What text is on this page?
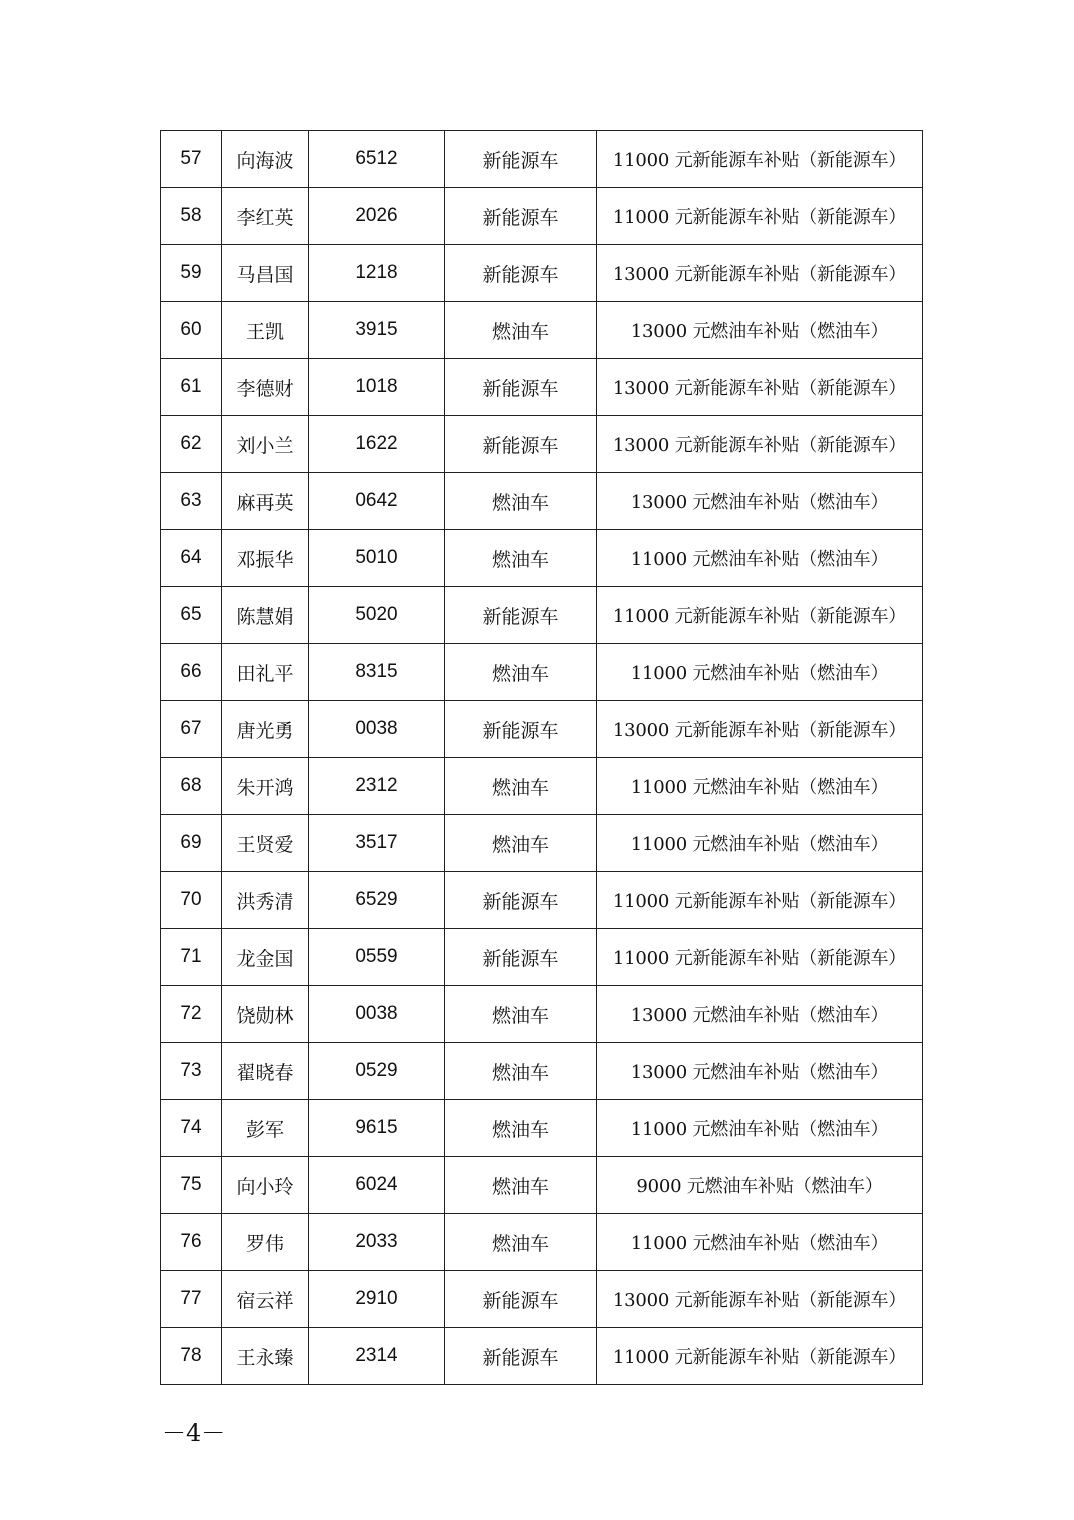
57	向海波	6512	新能源车	11000 元新能源车补贴（新能源车）
58	李红英	2026	新能源车	11000 元新能源车补贴（新能源车）
59	马昌国	1218	新能源车	13000 元新能源车补贴（新能源车）
60	王凯	3915	燃油车	13000 元燃油车补贴（燃油车）
61	李德财	1018	新能源车	13000 元新能源车补贴（新能源车）
62	刘小兰	1622	新能源车	13000 元新能源车补贴（新能源车）
63	麻再英	0642	燃油车	13000 元燃油车补贴（燃油车）
64	邓振华	5010	燃油车	11000 元燃油车补贴（燃油车）
65	陈慧娟	5020	新能源车	11000 元新能源车补贴（新能源车）
66	田礼平	8315	燃油车	11000 元燃油车补贴（燃油车）
67	唐光勇	0038	新能源车	13000 元新能源车补贴（新能源车）
68	朱开鸿	2312	燃油车	11000 元燃油车补贴（燃油车）
69	王贤爱	3517	燃油车	11000 元燃油车补贴（燃油车）
70	洪秀清	6529	新能源车	11000 元新能源车补贴（新能源车）
71	龙金国	0559	新能源车	11000 元新能源车补贴（新能源车）
72	饶勋林	0038	燃油车	13000 元燃油车补贴（燃油车）
73	翟晓春	0529	燃油车	13000 元燃油车补贴（燃油车）
74	彭军	9615	燃油车	11000 元燃油车补贴（燃油车）
75	向小玲	6024	燃油车	9000 元燃油车补贴（燃油车）
76	罗伟	2033	燃油车	11000 元燃油车补贴（燃油车）
77	宿云祥	2910	新能源车	13000 元新能源车补贴（新能源车）
78	王永臻	2314	新能源车	11000 元新能源车补贴（新能源车）
－4－
